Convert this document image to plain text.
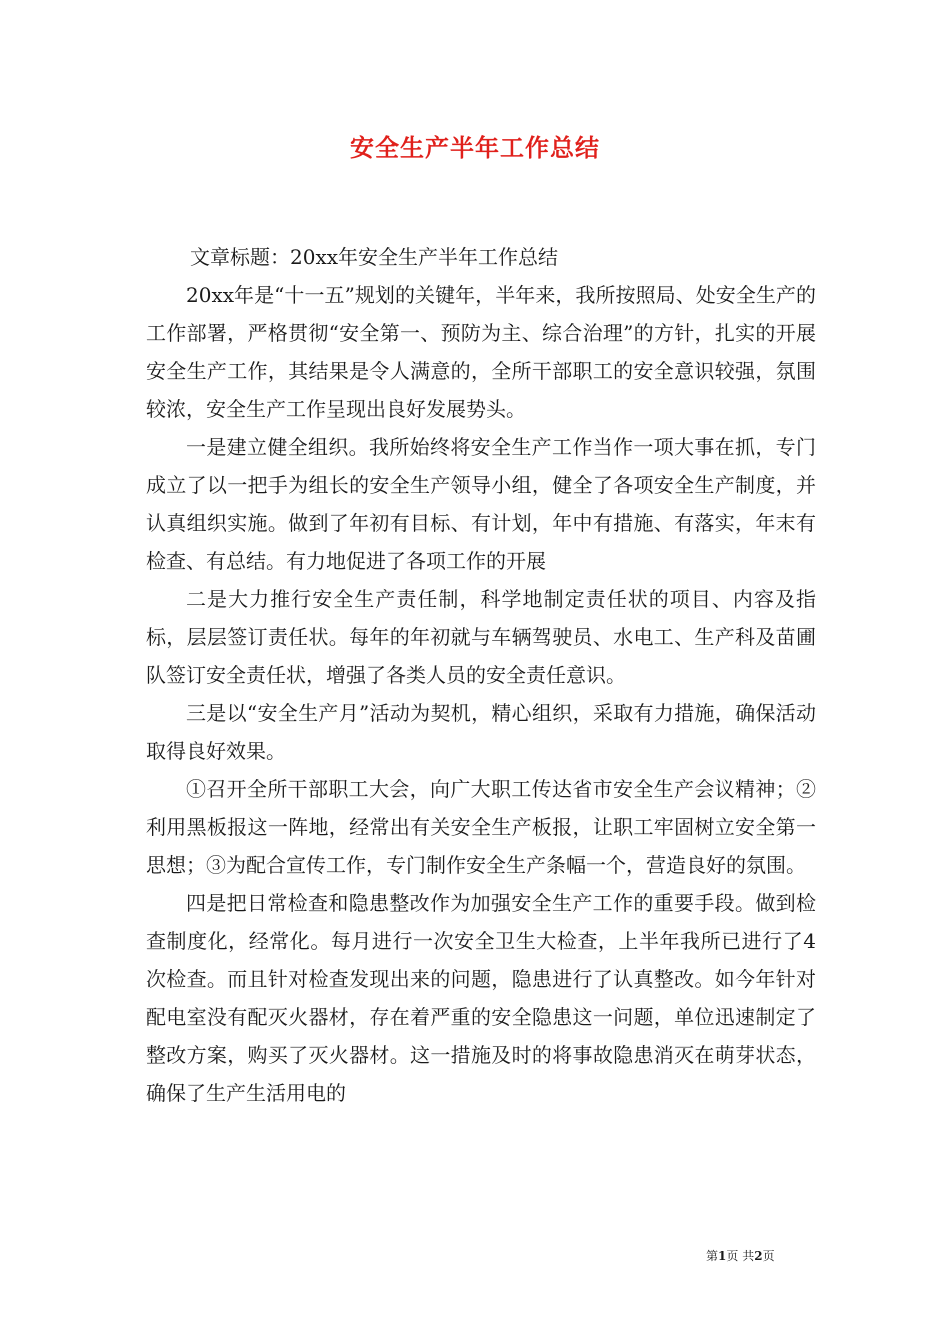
安全生产半年工作总结

文章标题：20xx年安全生产半年工作总结

20xx年是“十一五”规划的关键年，半年来，我所按照局、处安全生产的工作部署，严格贯彻“安全第一、预防为主、综合治理”的方针，扎实的开展安全生产工作，其结果是令人满意的，全所干部职工的安全意识较强，氛围较浓，安全生产工作呈现出良好发展势头。

一是建立健全组织。我所始终将安全生产工作当作一项大事在抓，专门成立了以一把手为组长的安全生产领导小组，健全了各项安全生产制度，并认真组织实施。做到了年初有目标、有计划，年中有措施、有落实，年末有检查、有总结。有力地促进了各项工作的开展

二是大力推行安全生产责任制，科学地制定责任状的项目、内容及指标，层层签订责任状。每年的年初就与车辆驾驶员、水电工、生产科及苗圃队签订安全责任状，增强了各类人员的安全责任意识。

三是以“安全生产月”活动为契机，精心组织，采取有力措施，确保活动取得良好效果。

①召开全所干部职工大会，向广大职工传达省市安全生产会议精神；②利用黑板报这一阵地，经常出有关安全生产板报，让职工牢固树立安全第一思想；③为配合宣传工作，专门制作安全生产条幅一个，营造良好的氛围。

四是把日常检查和隐患整改作为加强安全生产工作的重要手段。做到检查制度化，经常化。每月进行一次安全卫生大检查，上半年我所已进行了4次检查。而且针对检查发现出来的问题，隐患进行了认真整改。如今年针对配电室没有配灭火器材，存在着严重的安全隐患这一问题，单位迅速制定了整改方案，购买了灭火器材。这一措施及时的将事故隐患消灭在萌芽状态，确保了生产生活用电的

第1页 共2页
